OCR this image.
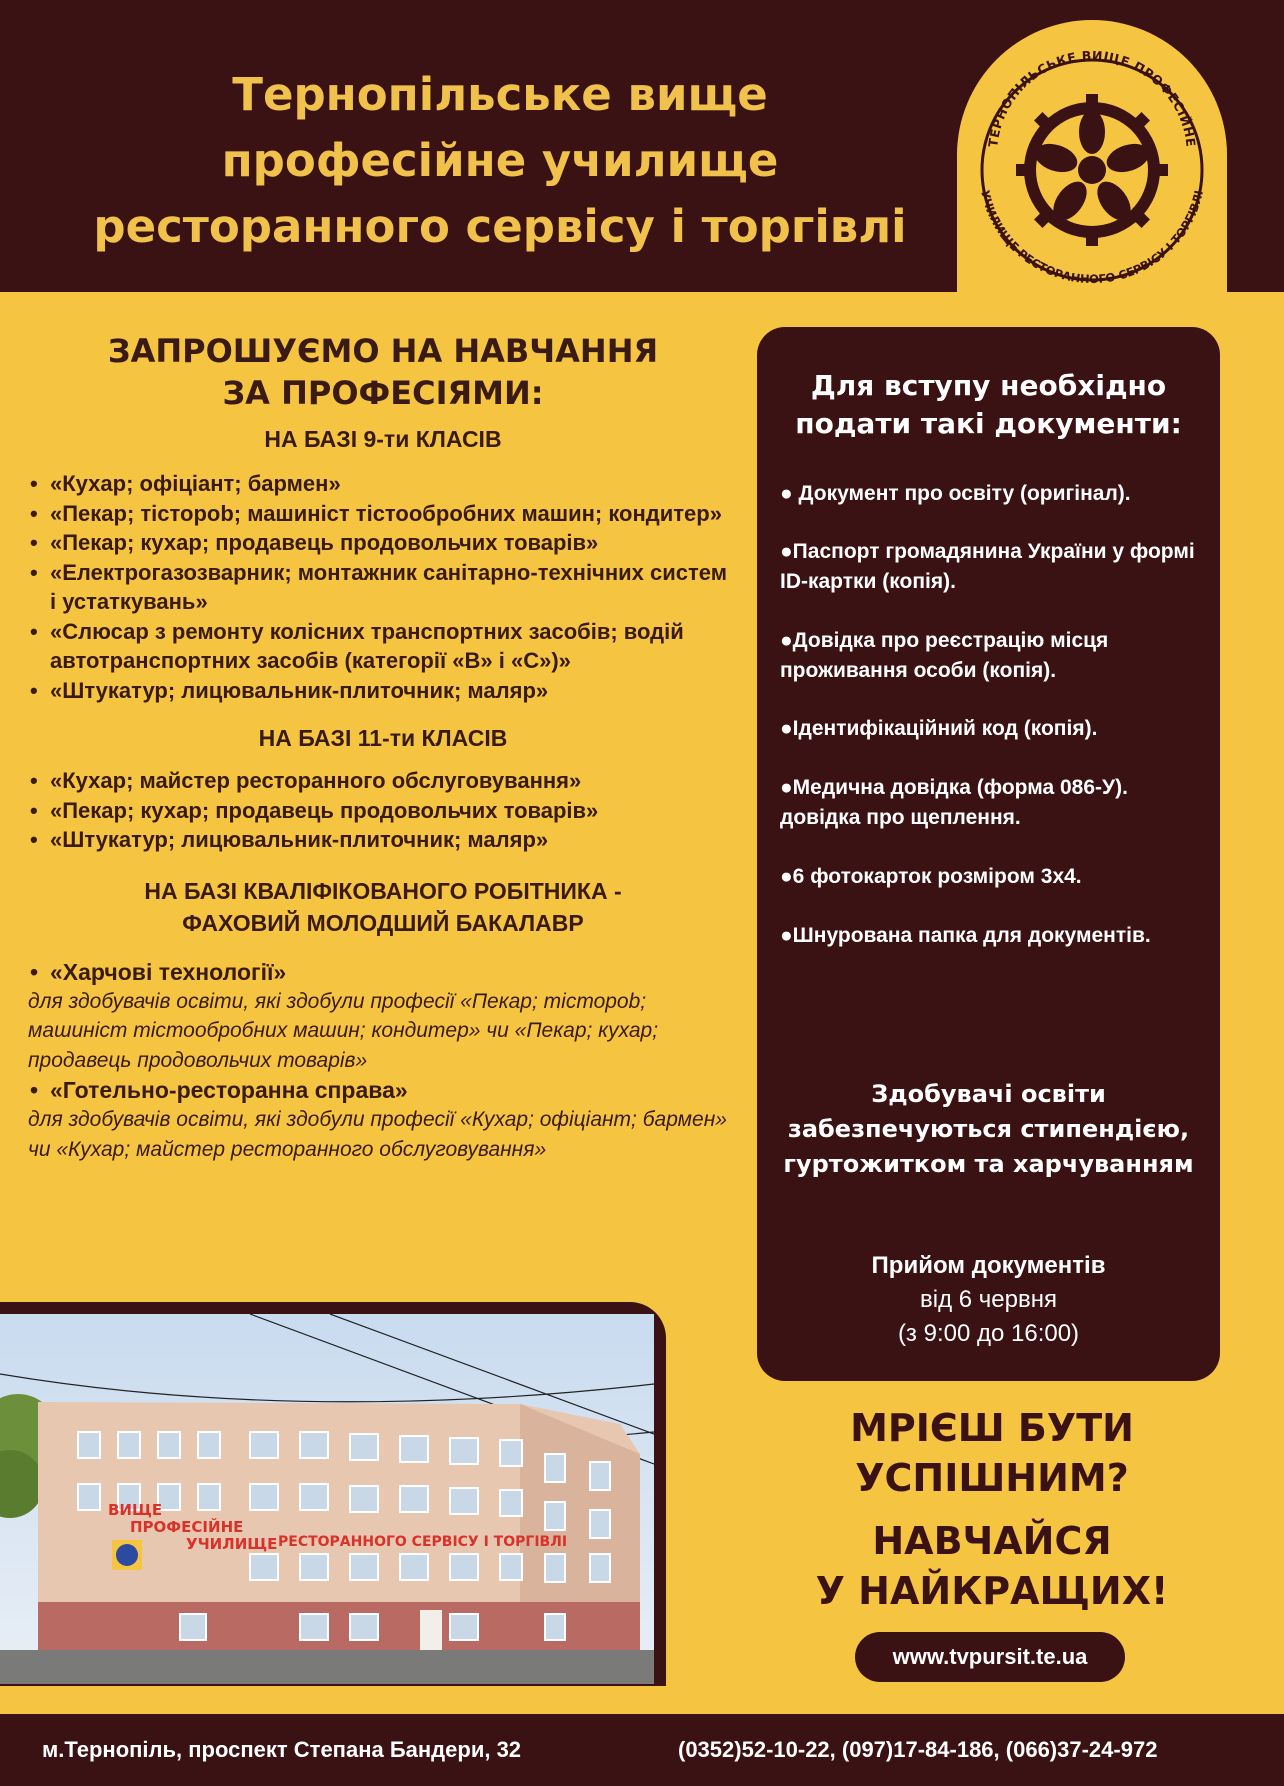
Тернопільське вище
професійне училище
ресторанного сервісу і торгівлі
ТЕРНОПІЛЬСЬКЕ ВИЩЕ ПРОФЕСІЙНЕ
УЧИЛИЩЕ РЕСТОРАННОГО СЕРВІСУ І ТОРГІВЛІ
ЗАПРОШУЄМО НА НАВЧАННЯ
ЗА ПРОФЕСІЯМИ:
НА БАЗІ 9-ти КЛАСІВ
• «Кухар; офіціант; бармен»
• «Пекар; тісторob; машиніст тістообробних машин; кондитер»
• «Пекар; кухар; продавець продовольчих товарів»
• «Електрогазозварник; монтажник санітарно-технічних систем і устаткувань»
• «Слюсар з ремонту колісних транспортних засобів; водій автотранспортних засобів (категорії «В» і «С»)»
• «Штукатур; лицювальник-плиточник; маляр»
НА БАЗІ 11-ти КЛАСІВ
• «Кухар; майстер ресторанного обслуговування»
• «Пекар; кухар; продавець продовольчих товарів»
• «Штукатур; лицювальник-плиточник; маляр»
НА БАЗІ КВАЛІФІКОВАНОГО РОБІТНИКА -
ФАХОВИЙ МОЛОДШИЙ БАКАЛАВР
• «Харчові технології»
для здобувачів освіти, які здобули професії «Пекар; тісторob; машиніст тістообробних машин; кондитер» чи «Пекар; кухар; продавець продовольчих товарів»
• «Готельно-ресторанна справа»
для здобувачів освіти, які здобули професії «Кухар; офіціант; бармен» чи «Кухар; майстер ресторанного обслуговування»
Для вступу необхідно
подати такі документи:
● Документ про освіту (оригінал).
●Паспорт громадянина України у формі ID-картки (копія).
●Довідка про реєстрацію місця проживання особи (копія).
●Ідентифікаційний код (копія).
●Медична довідка (форма 086-У). довідка про щеплення.
●6 фотокарток розміром 3x4.
●Шнурована папка для документів.
Здобувачі освіти
забезпечуються стипендією,
гуртожитком та харчуванням
Прийом документів
від 6 червня
(з 9:00 до 16:00)
ВИЩЕ
ПРОФЕСІЙНЕ
УЧИЛИЩЕ РЕСТОРАННОГО СЕРВІСУ І ТОРГІВЛІ
МРІЄШ БУТИ
УСПІШНИМ?
НАВЧАЙСЯ
У НАЙКРАЩИХ!
www.tvpursit.te.ua
м.Тернопіль, проспект Степана Бандери, 32	(0352)52-10-22, (097)17-84-186, (066)37-24-972
